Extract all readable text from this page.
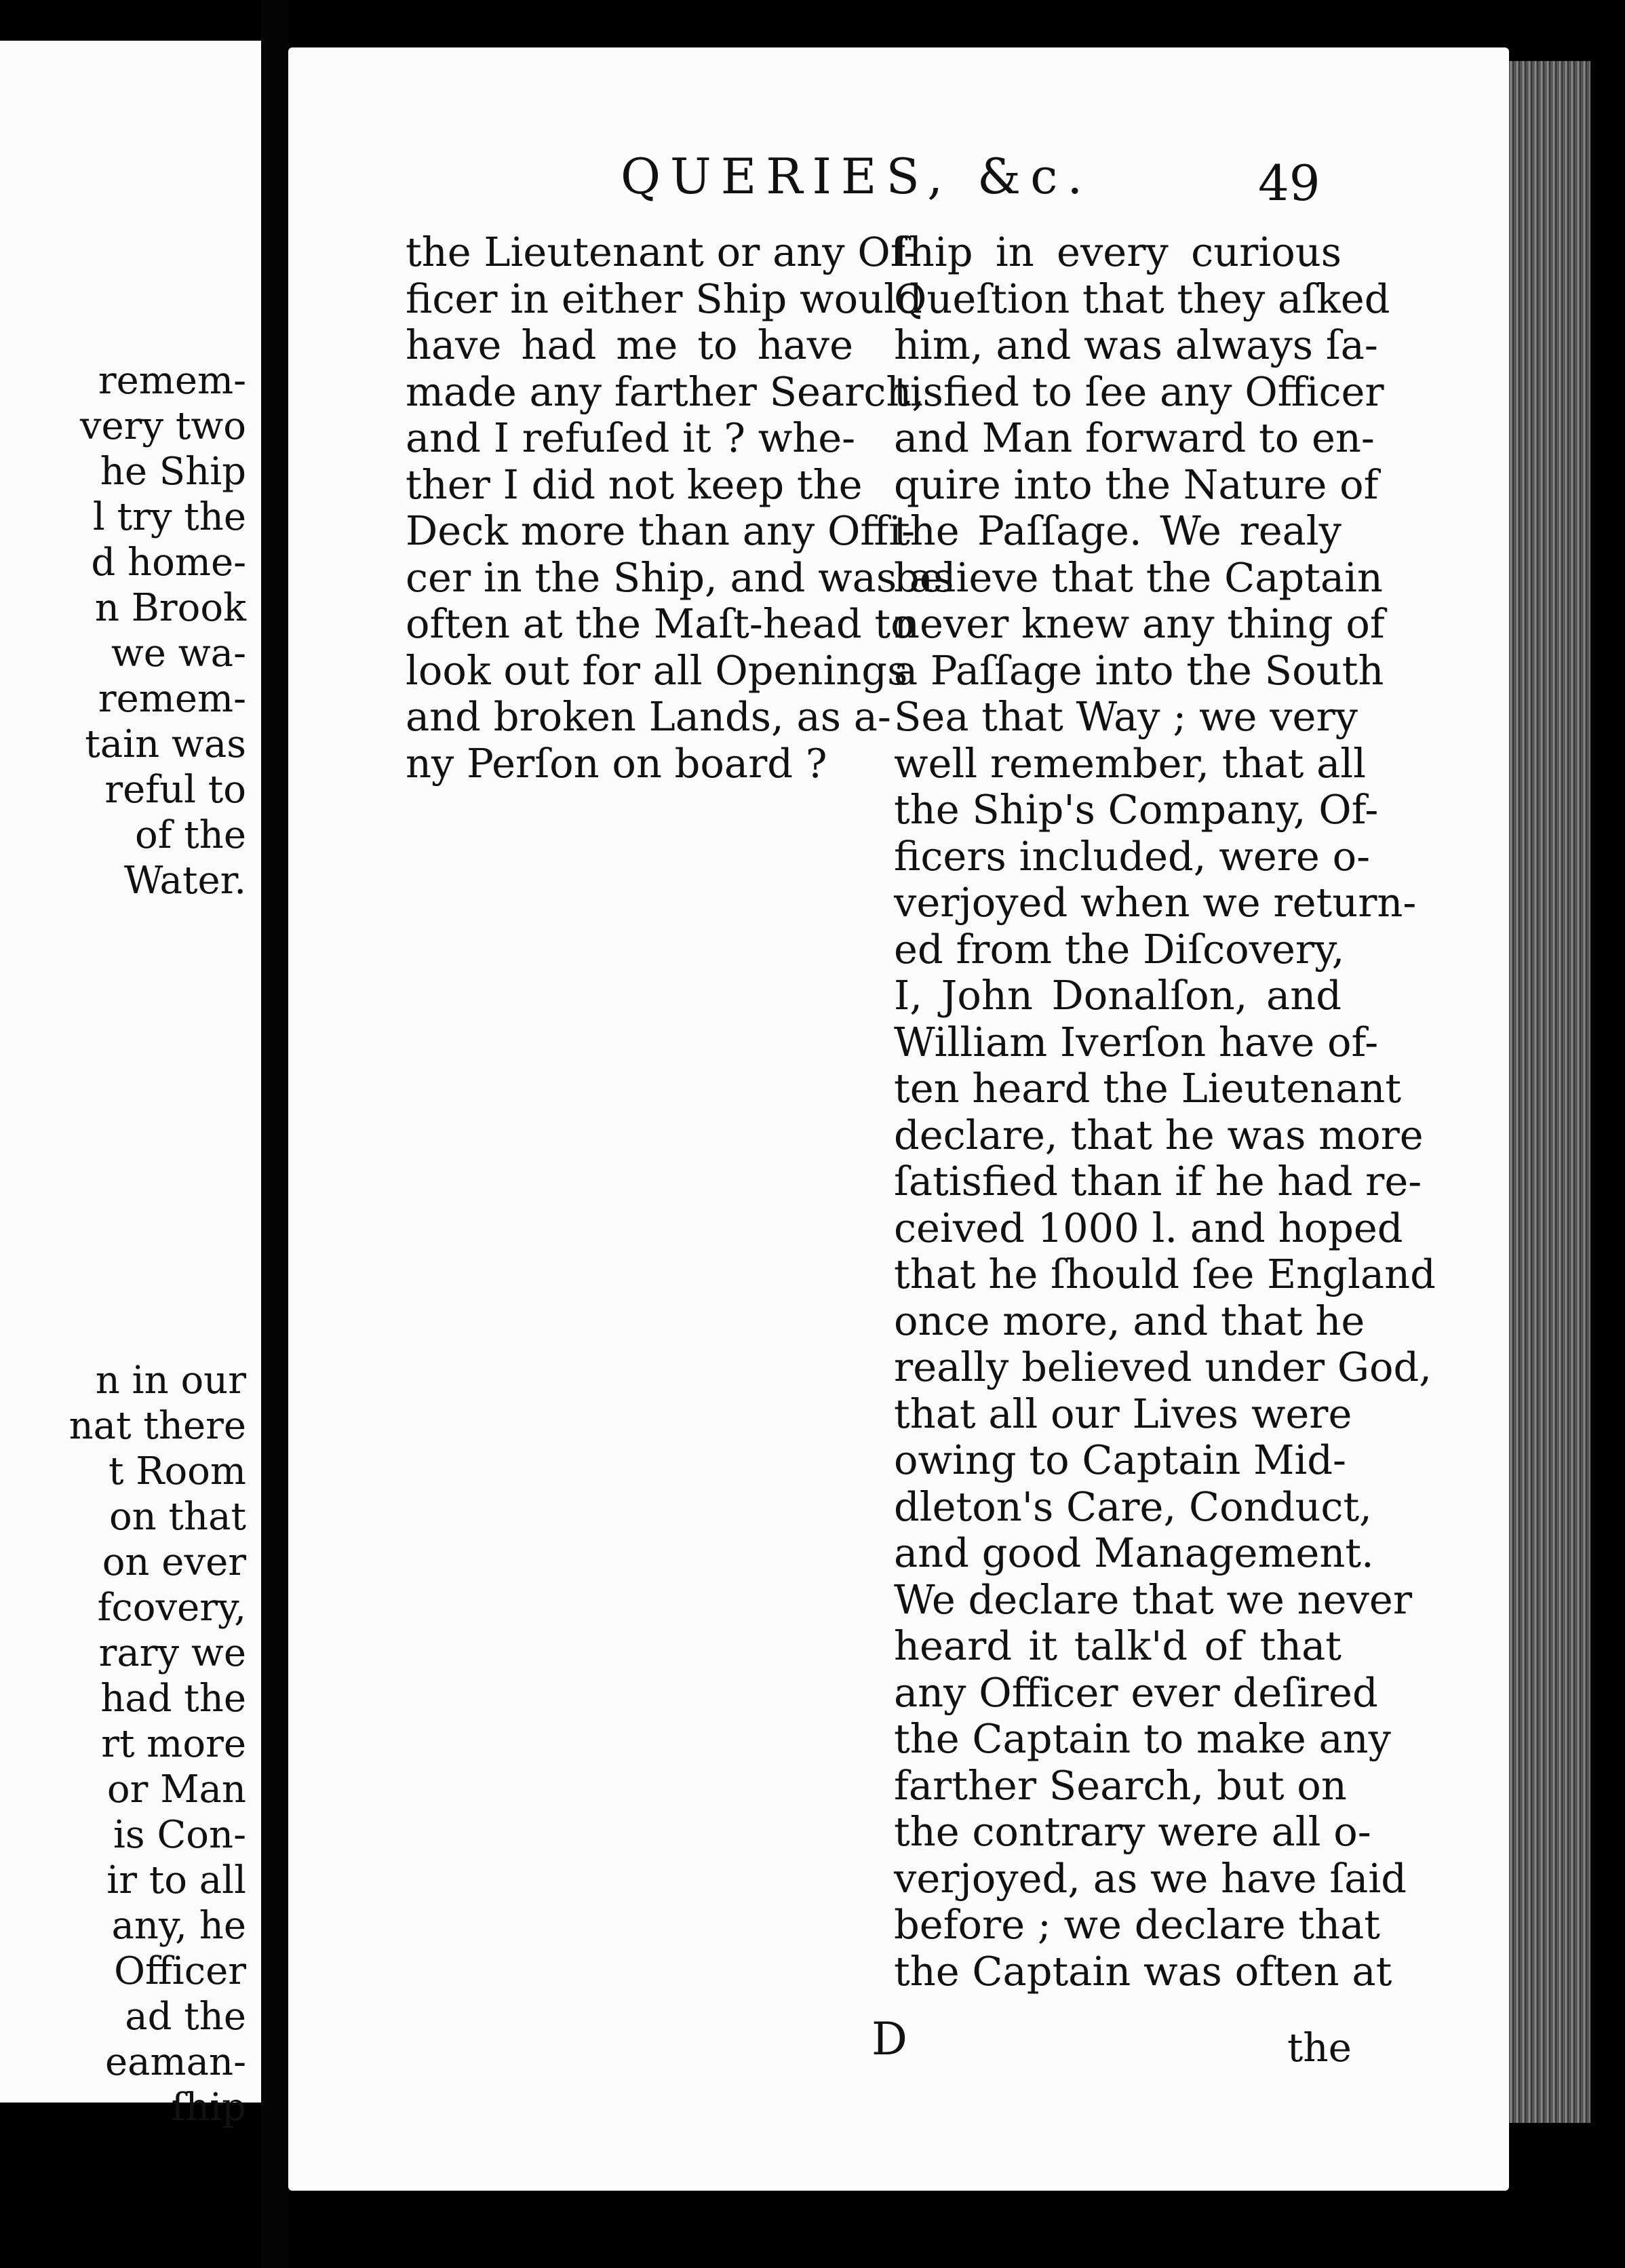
remem-
very two
he Ship
l try the
d home-
n Brook
we wa-
remem-
tain was
reful to
of the
Water.

n in our
nat there
t Room
on that
on ever
fcovery,
rary we
had the
rt more
or Man
is Con-
ir to all
any, he
Officer
ad the
eaman-
ſhip
QUERIES, &c.	49
the Lieutenant or any Of-
ficer in either Ship would
have had me to have
made any farther Search,
and I refuſed it ? whe-
ther I did not keep the
Deck more than any Offi-
cer in the Ship, and was as
often at the Maſt-head to
look out for all Openings
and broken Lands, as a-
ny Perſon on board ?
ſhip in every curious
Queſtion that they aſked
him, and was always ſa-
tisfied to ſee any Officer
and Man forward to en-
quire into the Nature of
the Paſſage. We realy
believe that the Captain
never knew any thing of
a Paſſage into the South
Sea that Way ; we very
well remember, that all
the Ship's Company, Of-
ficers included, were o-
verjoyed when we return-
ed from the Diſcovery,
I, John Donalſon, and
William Iverſon have of-
ten heard the Lieutenant
declare, that he was more
ſatisfied than if he had re-
ceived 1000 l. and hoped
that he ſhould ſee England
once more, and that he
really believed under God,
that all our Lives were
owing to Captain Mid-
dleton's Care, Conduct,
and good Management.
We declare that we never
heard it talk'd of that
any Officer ever deſired
the Captain to make any
farther Search, but on
the contrary were all o-
verjoyed, as we have ſaid
before ; we declare that
the Captain was often at
D	the
